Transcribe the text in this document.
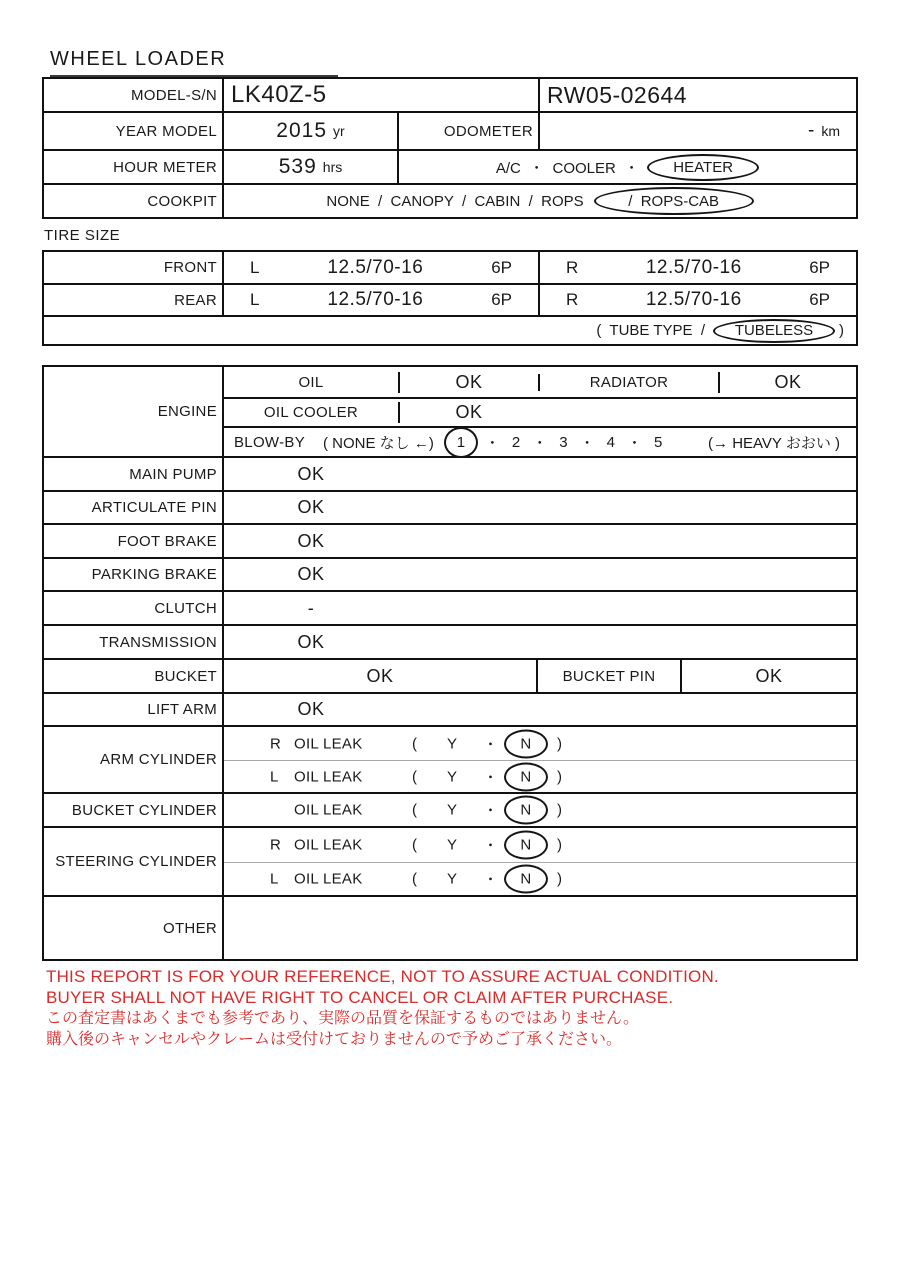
WHEEL LOADER
MODEL-S/N LK40Z-5	RW05-02644
YEAR MODEL	2015 yr	ODOMETER	- km
HOUR METER	539 hrs	A/C  ・  COOLER  ・ HEATER
COOKPIT	NONE  /  CANOPY  /  CABIN  /  ROPS	/  ROPS-CAB
TIRE SIZE
FRONT L	12.5/70-16	6P	R	12.5/70-16	6P
REAR L	12.5/70-16	6P	R	12.5/70-16	6P
(  TUBE TYPE  / TUBELESS )
ENGINE
OIL	OK	RADIATOR	OK
OIL COOLER	OK
BLOW-BY ( NONE なし ←) 1 ・ 2 ・ 3 ・ 4 ・ 5	(→ HEAVY おおい )
MAIN PUMP	OK
ARTICULATE PIN	OK
FOOT BRAKE	OK
PARKING BRAKE	OK
CLUTCH	-
TRANSMISSION	OK
BUCKET	OK	BUCKET PIN	OK
LIFT ARM	OK
ARM CYLINDER
R OIL LEAK	( Y ・ N )
L OIL LEAK	( Y ・ N )
BUCKET CYLINDER	OIL LEAK	( Y ・ N )
STEERING CYLINDER
R OIL LEAK	( Y ・ N )
L OIL LEAK	( Y ・ N )
OTHER
THIS REPORT IS FOR YOUR REFERENCE, NOT TO ASSURE ACTUAL CONDITION.
BUYER SHALL NOT HAVE RIGHT TO CANCEL OR CLAIM AFTER PURCHASE.
この査定書はあくまでも参考であり、実際の品質を保証するものではありません。
購入後のキャンセルやクレームは受付けておりませんので予めご了承ください。
